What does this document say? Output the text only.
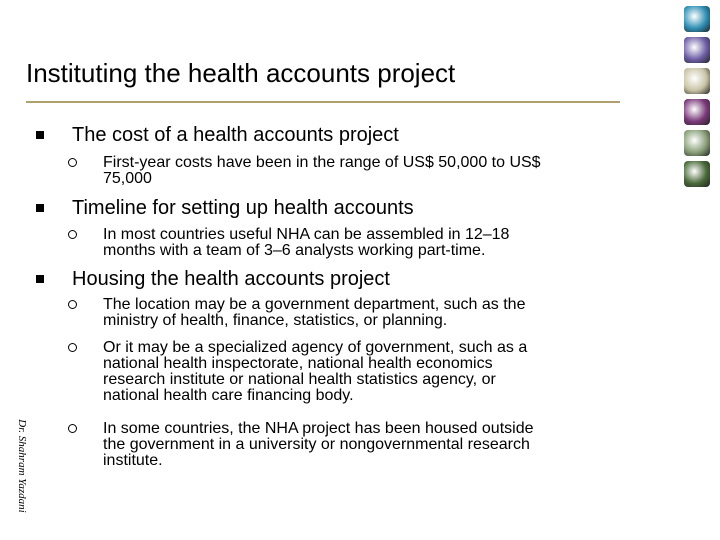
Instituting the health accounts project
The cost of a health accounts project
First-year costs have been in the range of US$ 50,000 to US$
75,000
Timeline for setting up health accounts
In most countries useful NHA can be assembled in 12–18
months with a team of 3–6 analysts working part-time.
Housing the health accounts project
The location may be a government department, such as the
ministry of health, finance, statistics, or planning.
Or it may be a specialized agency of government, such as a
national health inspectorate, national health economics
research institute or national health statistics agency, or
national health care financing body.
In some countries, the NHA project has been housed outside
the government in a university or nongovernmental research
institute.
Dr. Shahram Yazdani
